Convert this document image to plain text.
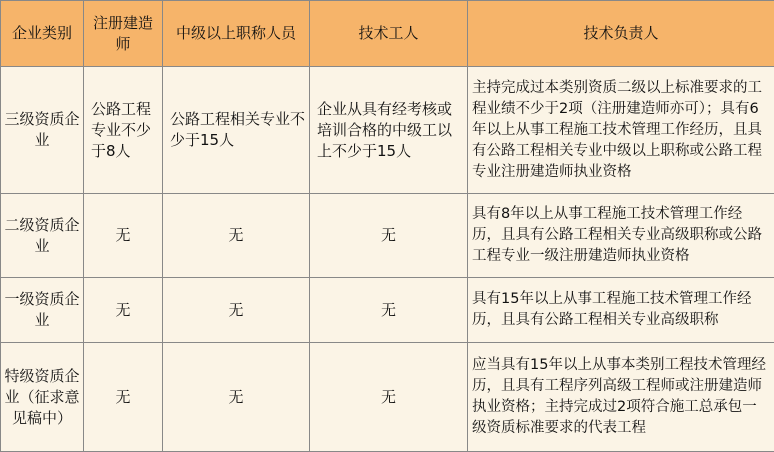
企业类别	注册建造师	中级以上职称人员	技术工人	技术负责人
三级资质企业	公路工程专业不少于8人	公路工程相关专业不少于15人	企业从具有经考核或培训合格的中级工以上不少于15人	主持完成过本类别资质二级以上标准要求的工程业绩不少于2项（注册建造师亦可）；具有6年以上从事工程施工技术管理工作经历，且具有公路工程相关专业中级以上职称或公路工程专业注册建造师执业资格
二级资质企业	无	无	无	具有8年以上从事工程施工技术管理工作经历，且具有公路工程相关专业高级职称或公路工程专业一级注册建造师执业资格
一级资质企业	无	无	无	具有15年以上从事工程施工技术管理工作经历，且具有公路工程相关专业高级职称
特级资质企业（征求意见稿中）	无	无	无	应当具有15年以上从事本类别工程技术管理经历，且具有工程序列高级工程师或注册建造师执业资格；主持完成过2项符合施工总承包一级资质标准要求的代表工程
